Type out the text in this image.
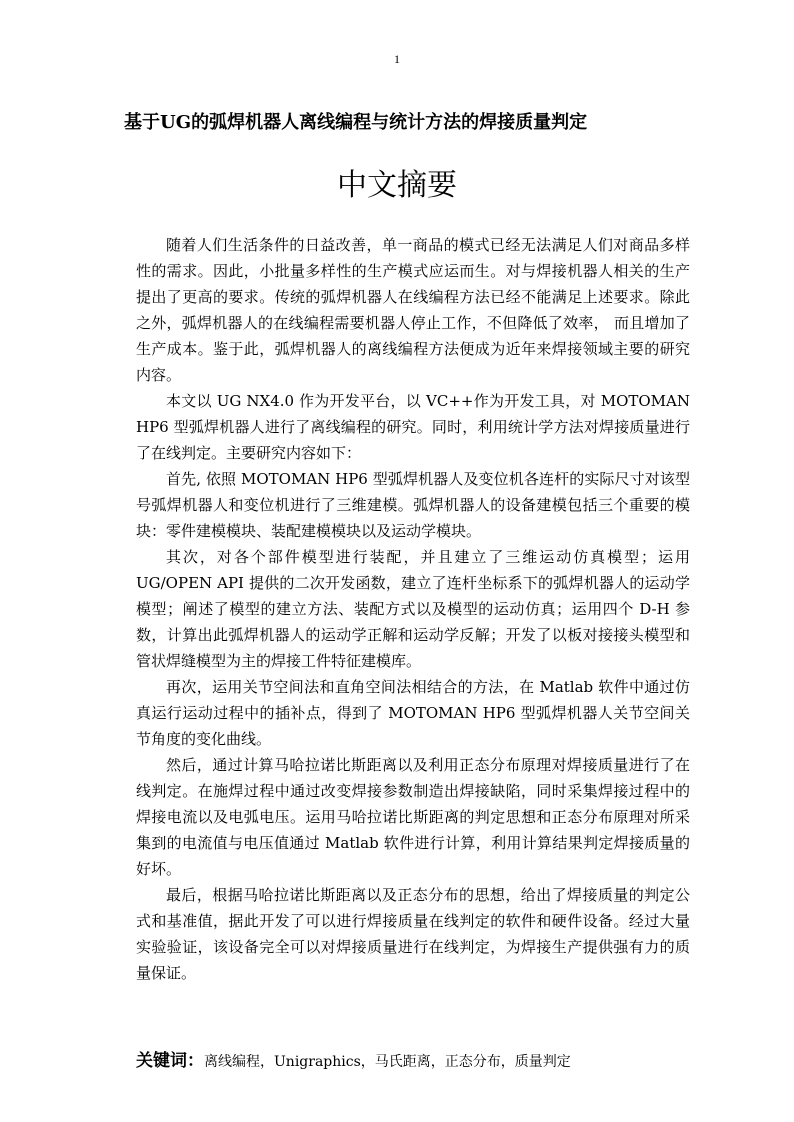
1
基于UG的弧焊机器人离线编程与统计方法的焊接质量判定
中文摘要

随着人们生活条件的日益改善，单一商品的模式已经无法满足人们对商品多样性的需求。因此，小批量多样性的生产模式应运而生。对与焊接机器人相关的生产提出了更高的要求。传统的弧焊机器人在线编程方法已经不能满足上述要求。除此之外，弧焊机器人的在线编程需要机器人停止工作，不但降低了效率， 而且增加了生产成本。鉴于此，弧焊机器人的离线编程方法便成为近年来焊接领域主要的研究内容。

本文以 UG NX4.0 作为开发平台，以 VC++作为开发工具，对 MOTOMAN HP6 型弧焊机器人进行了离线编程的研究。同时，利用统计学方法对焊接质量进行了在线判定。主要研究内容如下：

首先, 依照 MOTOMAN HP6 型弧焊机器人及变位机各连杆的实际尺寸对该型号弧焊机器人和变位机进行了三维建模。弧焊机器人的设备建模包括三个重要的模块：零件建模模块、装配建模模块以及运动学模块。

其次，对各个部件模型进行装配，并且建立了三维运动仿真模型；运用 UG/OPEN API 提供的二次开发函数，建立了连杆坐标系下的弧焊机器人的运动学模型；阐述了模型的建立方法、装配方式以及模型的运动仿真；运用四个 D-H 参数，计算出此弧焊机器人的运动学正解和运动学反解；开发了以板对接接头模型和管状焊缝模型为主的焊接工件特征建模库。

再次，运用关节空间法和直角空间法相结合的方法，在 Matlab 软件中通过仿真运行运动过程中的插补点，得到了 MOTOMAN HP6 型弧焊机器人关节空间关节角度的变化曲线。

然后，通过计算马哈拉诺比斯距离以及利用正态分布原理对焊接质量进行了在线判定。在施焊过程中通过改变焊接参数制造出焊接缺陷，同时采集焊接过程中的焊接电流以及电弧电压。运用马哈拉诺比斯距离的判定思想和正态分布原理对所采集到的电流值与电压值通过 Matlab 软件进行计算，利用计算结果判定焊接质量的好坏。

最后，根据马哈拉诺比斯距离以及正态分布的思想，给出了焊接质量的判定公式和基准值，据此开发了可以进行焊接质量在线判定的软件和硬件设备。经过大量实验验证，该设备完全可以对焊接质量进行在线判定，为焊接生产提供强有力的质量保证。

关键词：离线编程，Unigraphics，马氏距离，正态分布，质量判定
